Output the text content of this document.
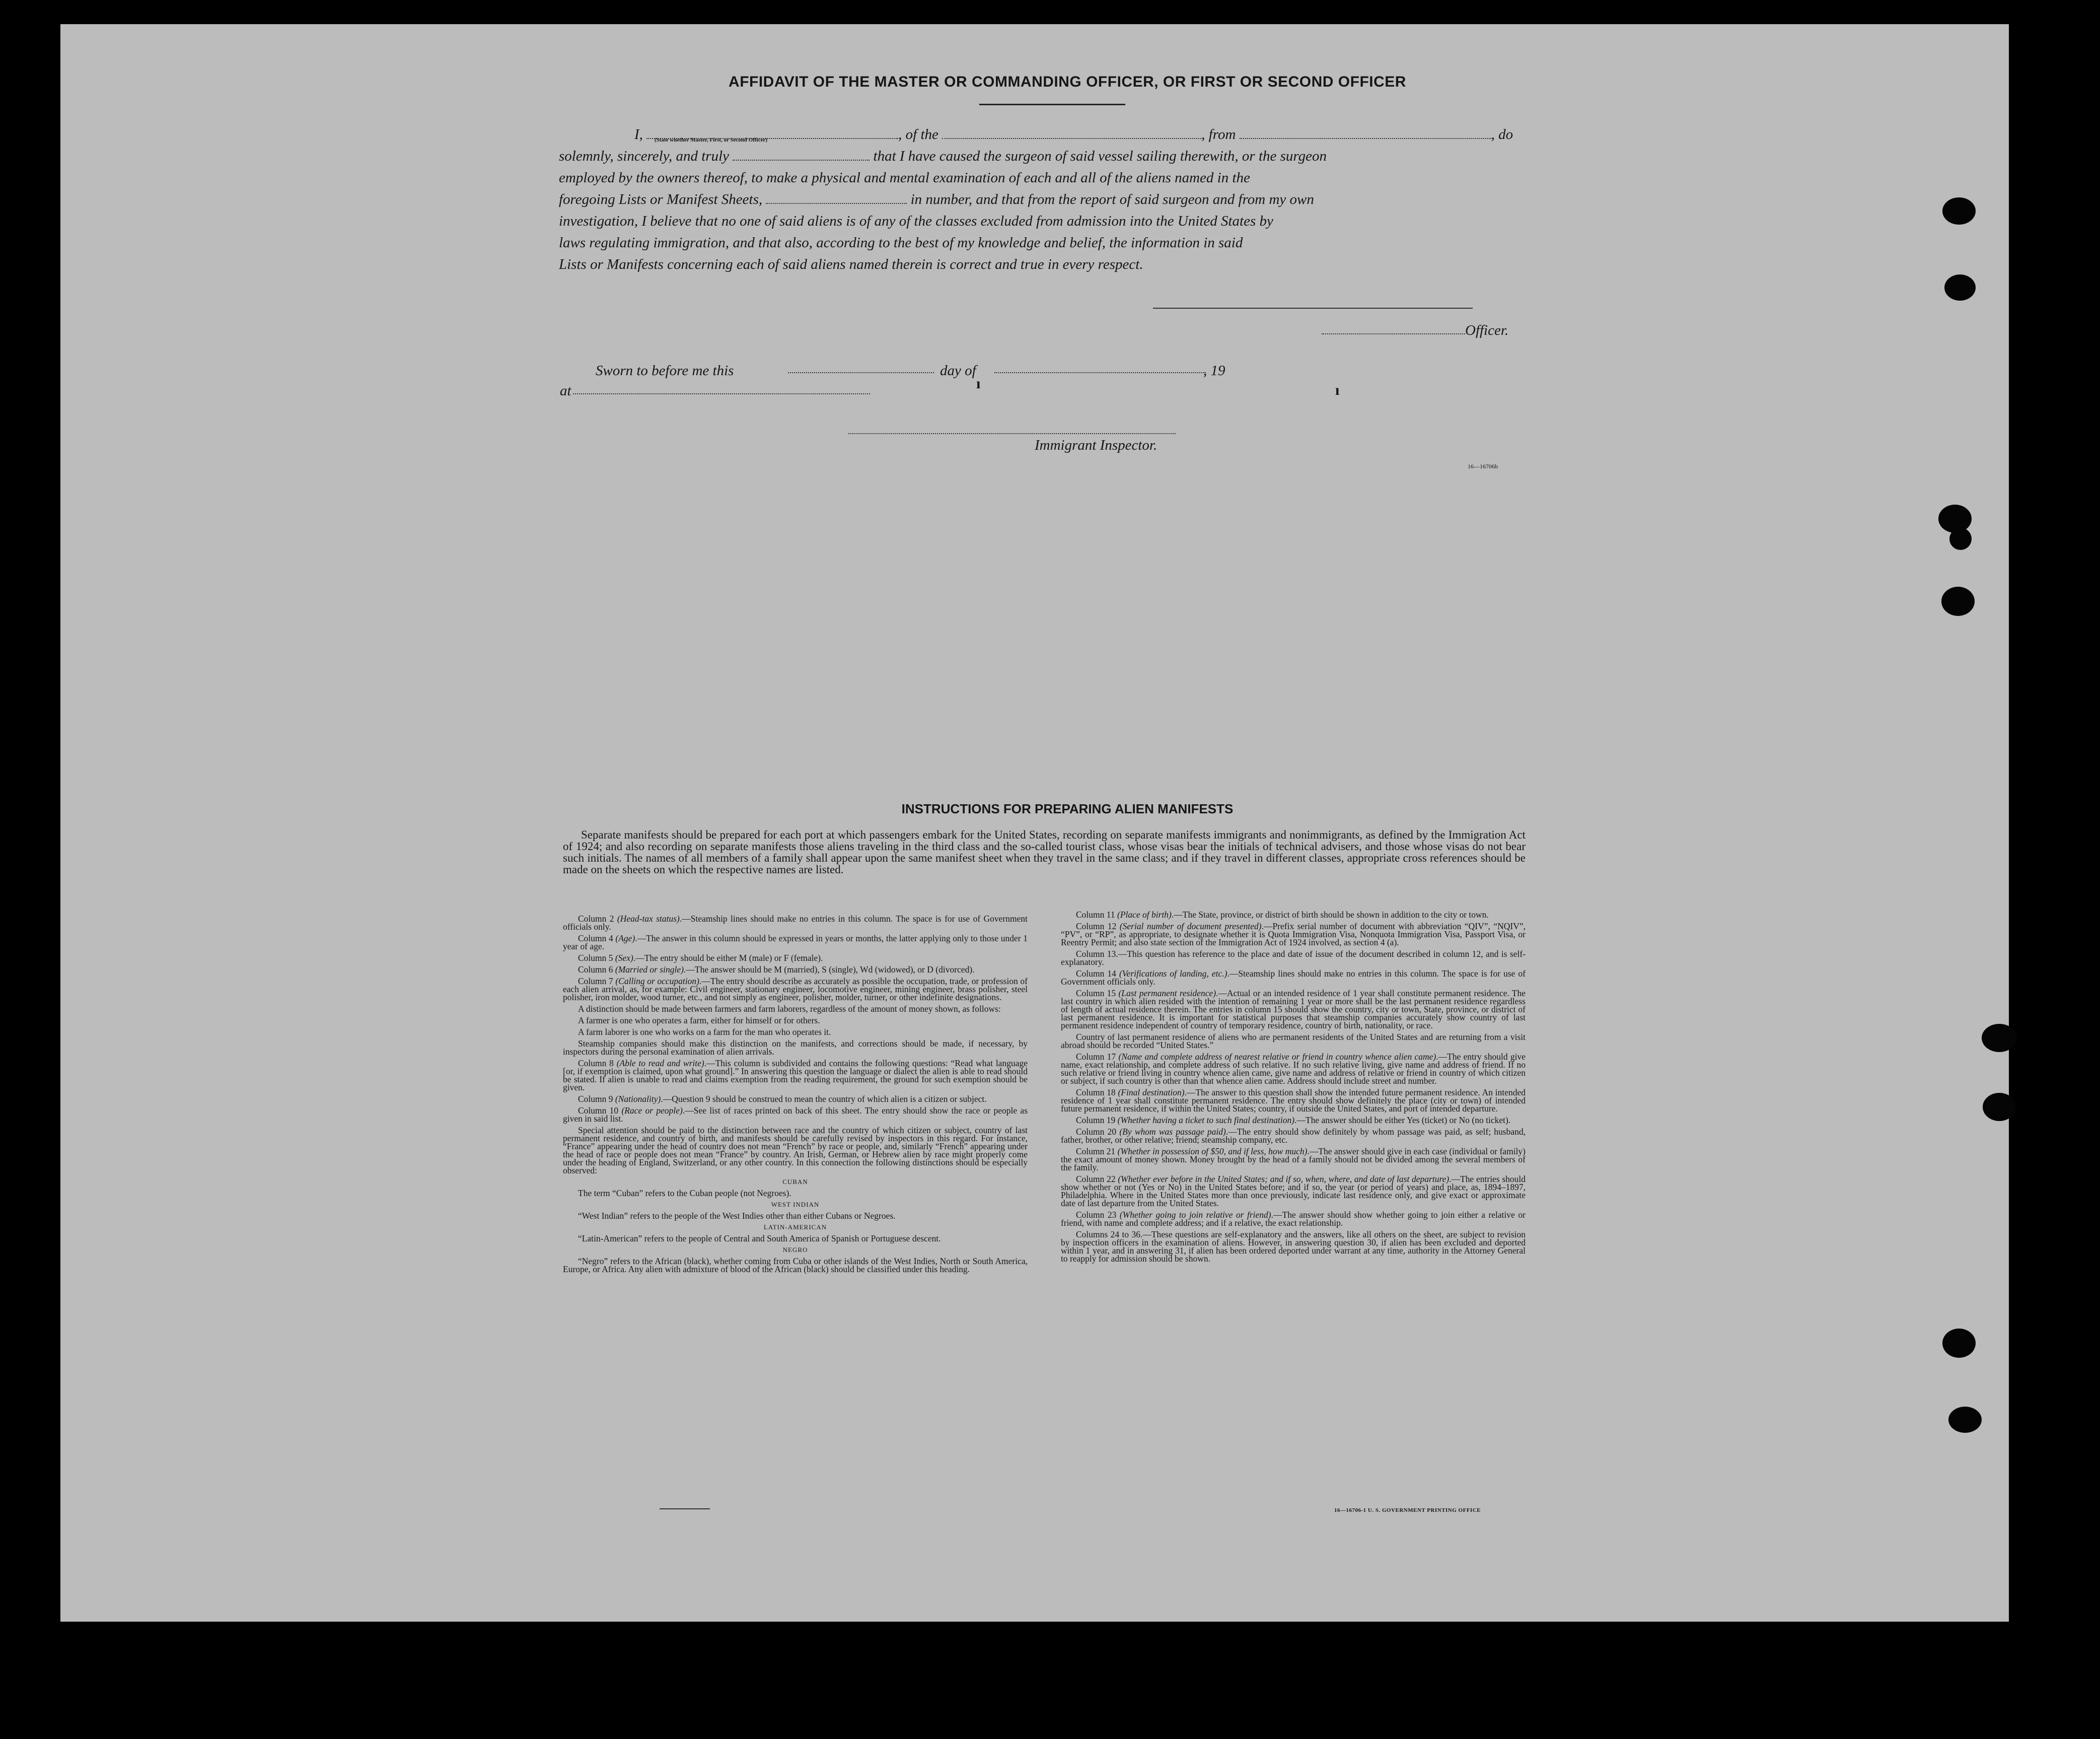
AFFIDAVIT OF THE MASTER OR COMMANDING OFFICER, OR FIRST OR SECOND OFFICER
I,	, of the	, from	, do
solemnly, sincerely, and truly	that I have caused the surgeon of said vessel sailing therewith, or the surgeon
employed by the owners thereof, to make a physical and mental examination of each and all of the aliens named in the
foregoing Lists or Manifest Sheets,	in number, and that from the report of said surgeon and from my own
investigation, I believe that no one of said aliens is of any of the classes excluded from admission into the United States by
laws regulating immigration, and that also, according to the best of my knowledge and belief, the information in said
Lists or Manifests concerning each of said aliens named therein is correct and true in every respect.
(State whether Master, First, or Second Officer)
Officer.
Sworn to before me this	day of	, 19
ı	ı
at
Immigrant Inspector.
16—16706b
INSTRUCTIONS FOR PREPARING ALIEN MANIFESTS
Separate manifests should be prepared for each port at which passengers embark for the United States, recording on separate manifests immigrants and nonimmigrants, as defined by the Immigration Act of 1924; and also recording on separate manifests those aliens traveling in the third class and the so-called tourist class, whose visas bear the initials of technical advisers, and those whose visas do not bear such initials. The names of all members of a family shall appear upon the same manifest sheet when they travel in the same class; and if they travel in different classes, appropriate cross references should be made on the sheets on which the respective names are listed.

Column 2 (Head-tax status).—Steamship lines should make no entries in this column. The space is for use of Government officials only.

Column 4 (Age).—The answer in this column should be expressed in years or months, the latter applying only to those under 1 year of age.

Column 5 (Sex).—The entry should be either M (male) or F (female).

Column 6 (Married or single).—The answer should be M (married), S (single), Wd (widowed), or D (divorced).

Column 7 (Calling or occupation).—The entry should describe as accurately as possible the occupation, trade, or profession of each alien arrival, as, for example: Civil engineer, stationary engineer, locomotive engineer, mining engineer, brass polisher, steel polisher, iron molder, wood turner, etc., and not simply as engineer, polisher, molder, turner, or other indefinite designations.

A distinction should be made between farmers and farm laborers, regardless of the amount of money shown, as follows:

A farmer is one who operates a farm, either for himself or for others.

A farm laborer is one who works on a farm for the man who operates it.

Steamship companies should make this distinction on the manifests, and corrections should be made, if necessary, by inspectors during the personal examination of alien arrivals.

Column 8 (Able to read and write).—This column is subdivided and contains the following questions: “Read what language [or, if exemption is claimed, upon what ground].” In answering this question the language or dialect the alien is able to read should be stated. If alien is unable to read and claims exemption from the reading requirement, the ground for such exemption should be given.

Column 9 (Nationality).—Question 9 should be construed to mean the country of which alien is a citizen or subject.

Column 10 (Race or people).—See list of races printed on back of this sheet. The entry should show the race or people as given in said list.

Special attention should be paid to the distinction between race and the country of which citizen or subject, country of last permanent residence, and country of birth, and manifests should be carefully revised by inspectors in this regard. For instance, “France” appearing under the head of country does not mean “French” by race or people, and, similarly “French” appearing under the head of race or people does not mean “France” by country. An Irish, German, or Hebrew alien by race might properly come under the heading of England, Switzerland, or any other country. In this connection the following distinctions should be especially observed:

CUBAN

The term “Cuban” refers to the Cuban people (not Negroes).

WEST INDIAN

“West Indian” refers to the people of the West Indies other than either Cubans or Negroes.

LATIN-AMERICAN

“Latin-American” refers to the people of Central and South America of Spanish or Portuguese descent.

NEGRO

“Negro” refers to the African (black), whether coming from Cuba or other islands of the West Indies, North or South America, Europe, or Africa. Any alien with admixture of blood of the African (black) should be classified under this heading.

Column 11 (Place of birth).—The State, province, or district of birth should be shown in addition to the city or town.

Column 12 (Serial number of document presented).—Prefix serial number of document with abbreviation “QIV”, “NQIV”, “PV”, or “RP”, as appropriate, to designate whether it is Quota Immigration Visa, Nonquota Immigration Visa, Passport Visa, or Reentry Permit; and also state section of the Immigration Act of 1924 involved, as section 4 (a).

Column 13.—This question has reference to the place and date of issue of the document described in column 12, and is self-explanatory.

Column 14 (Verifications of landing, etc.).—Steamship lines should make no entries in this column. The space is for use of Government officials only.

Column 15 (Last permanent residence).—Actual or an intended residence of 1 year shall constitute permanent residence. The last country in which alien resided with the intention of remaining 1 year or more shall be the last permanent residence regardless of length of actual residence therein. The entries in column 15 should show the country, city or town, State, province, or district of last permanent residence. It is important for statistical purposes that steamship companies accurately show country of last permanent residence independent of country of temporary residence, country of birth, nationality, or race.

Country of last permanent residence of aliens who are permanent residents of the United States and are returning from a visit abroad should be recorded “United States.”

Column 17 (Name and complete address of nearest relative or friend in country whence alien came).—The entry should give name, exact relationship, and complete address of such relative. If no such relative living, give name and address of friend. If no such relative or friend living in country whence alien came, give name and address of relative or friend in country of which citizen or subject, if such country is other than that whence alien came. Address should include street and number.

Column 18 (Final destination).—The answer to this question shall show the intended future permanent residence. An intended residence of 1 year shall constitute permanent residence. The entry should show definitely the place (city or town) of intended future permanent residence, if within the United States; country, if outside the United States, and port of intended departure.

Column 19 (Whether having a ticket to such final destination).—The answer should be either Yes (ticket) or No (no ticket).

Column 20 (By whom was passage paid).—The entry should show definitely by whom passage was paid, as self; husband, father, brother, or other relative; friend; steamship company, etc.

Column 21 (Whether in possession of $50, and if less, how much).—The answer should give in each case (individual or family) the exact amount of money shown. Money brought by the head of a family should not be divided among the several members of the family.

Column 22 (Whether ever before in the United States; and if so, when, where, and date of last departure).—The entries should show whether or not (Yes or No) in the United States before; and if so, the year (or period of years) and place, as, 1894–1897, Philadelphia. Where in the United States more than once previously, indicate last residence only, and give exact or approximate date of last departure from the United States.

Column 23 (Whether going to join relative or friend).—The answer should show whether going to join either a relative or friend, with name and complete address; and if a relative, the exact relationship.

Columns 24 to 36.—These questions are self-explanatory and the answers, like all others on the sheet, are subject to revision by inspection officers in the examination of aliens. However, in answering question 30, if alien has been excluded and deported within 1 year, and in answering 31, if alien has been ordered deported under warrant at any time, authority in the Attorney General to reapply for admission should be shown.

16—16706-1 U. S. GOVERNMENT PRINTING OFFICE
